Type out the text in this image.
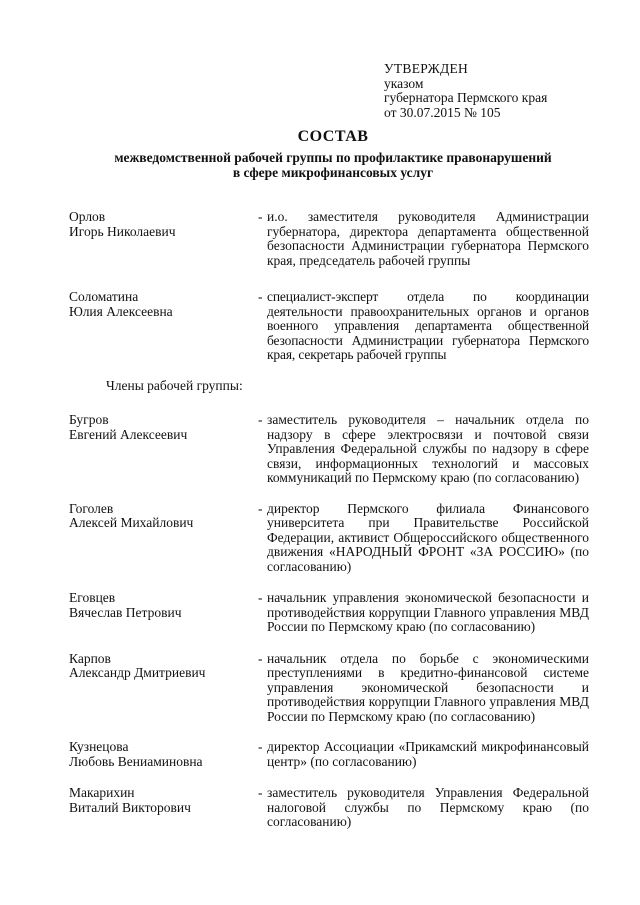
УТВЕРЖДЕН
указом
губернатора Пермского края
от 30.07.2015 № 105
СОСТАВ
межведомственной рабочей группы по профилактике правонарушений
в сфере микрофинансовых услуг
Орлов
Игорь Николаевич
- и.о. заместителя руководителя Администрации губернатора, директора департамента общественной безопасности Администрации губернатора Пермского края, председатель рабочей группы
Соломатина
Юлия Алексеевна
- специалист-эксперт отдела по координации деятельности правоохранительных органов и органов военного управления департамента общественной безопасности Администрации губернатора Пермского края, секретарь рабочей группы
Члены рабочей группы:
Бугров
Евгений Алексеевич
- заместитель руководителя – начальник отдела по надзору в сфере электросвязи и почтовой связи Управления Федеральной службы по надзору в сфере связи, информационных технологий и массовых коммуникаций по Пермскому краю (по согласованию)
Гоголев
Алексей Михайлович
- директор Пермского филиала Финансового университета при Правительстве Российской Федерации, активист Общероссийского общественного движения «НАРОДНЫЙ ФРОНТ «ЗА РОССИЮ» (по согласованию)
Еговцев
Вячеслав Петрович
- начальник управления экономической безопасности и противодействия коррупции Главного управления МВД России по Пермскому краю (по согласованию)
Карпов
Александр Дмитриевич
- начальник отдела по борьбе с экономическими преступлениями в кредитно-финансовой системе управления экономической безопасности и противодействия коррупции Главного управления МВД России по Пермскому краю (по согласованию)
Кузнецова
Любовь Вениаминовна
- директор Ассоциации «Прикамский микрофинансовый центр» (по согласованию)
Макарихин
Виталий Викторович
- заместитель руководителя Управления Федеральной налоговой службы по Пермскому краю (по согласованию)
